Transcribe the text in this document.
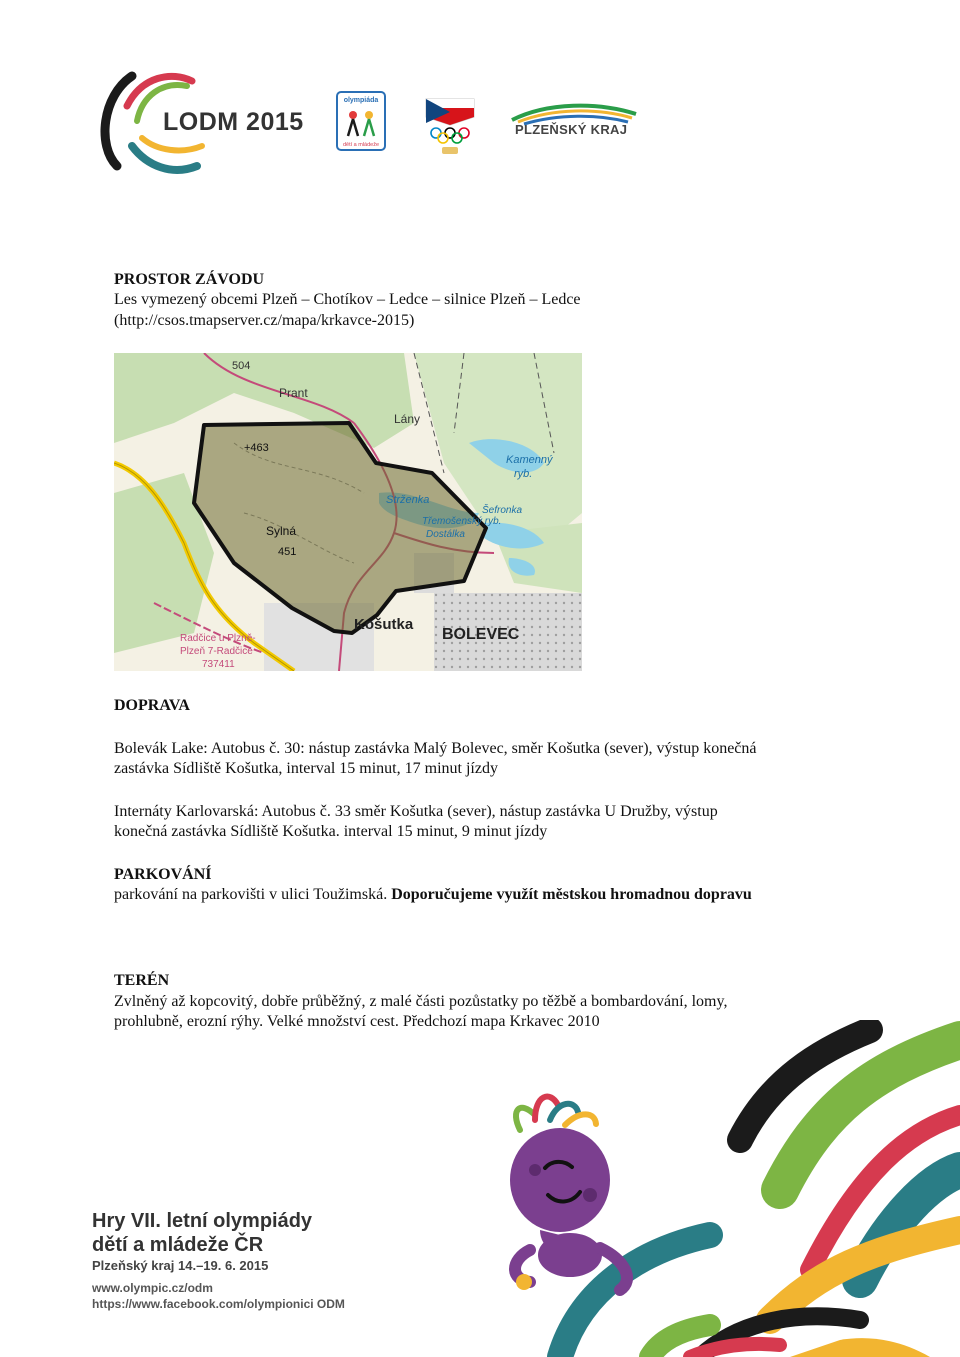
LODM 2015
olympiáda
dětí a mládeže
PLZEŇSKÝ KRAJ
PROSTOR ZÁVODU
Les vymezený obcemi Plzeň – Chotíkov – Ledce – silnice Plzeň – Ledce
(http://csos.tmapserver.cz/mapa/krkavce-2015)
504
Prant
Lány
+463
Kamenný
ryb.
Strženka
Třemošenský ryb.
Dostálka
Šefronka
Sylná
451
Košutka
BOLEVEC
Radčice u Plzně-
Plzeň 7-Radčice
737411
DOPRAVA
Bolevák Lake: Autobus č. 30: nástup zastávka Malý Bolevec, směr Košutka (sever), výstup konečná
zastávka Sídliště Košutka, interval 15 minut, 17 minut jízdy
Internáty Karlovarská: Autobus č. 33 směr Košutka (sever), nástup zastávka U Družby, výstup
konečná zastávka Sídliště Košutka. interval 15 minut, 9 minut jízdy
PARKOVÁNÍ
parkování na parkovišti v ulici Toužimská. Doporučujeme využít městskou hromadnou dopravu
TERÉN
Zvlněný až kopcovitý, dobře průběžný, z malé části pozůstatky po těžbě a bombardování, lomy,
prohlubně, erozní rýhy. Velké množství cest. Předchozí mapa Krkavec 2010
Hry VII. letní olympiády
dětí a mládeže ČR
Plzeňský kraj 14.–19. 6. 2015
www.olympic.cz/odm
https://www.facebook.com/olympionici ODM
